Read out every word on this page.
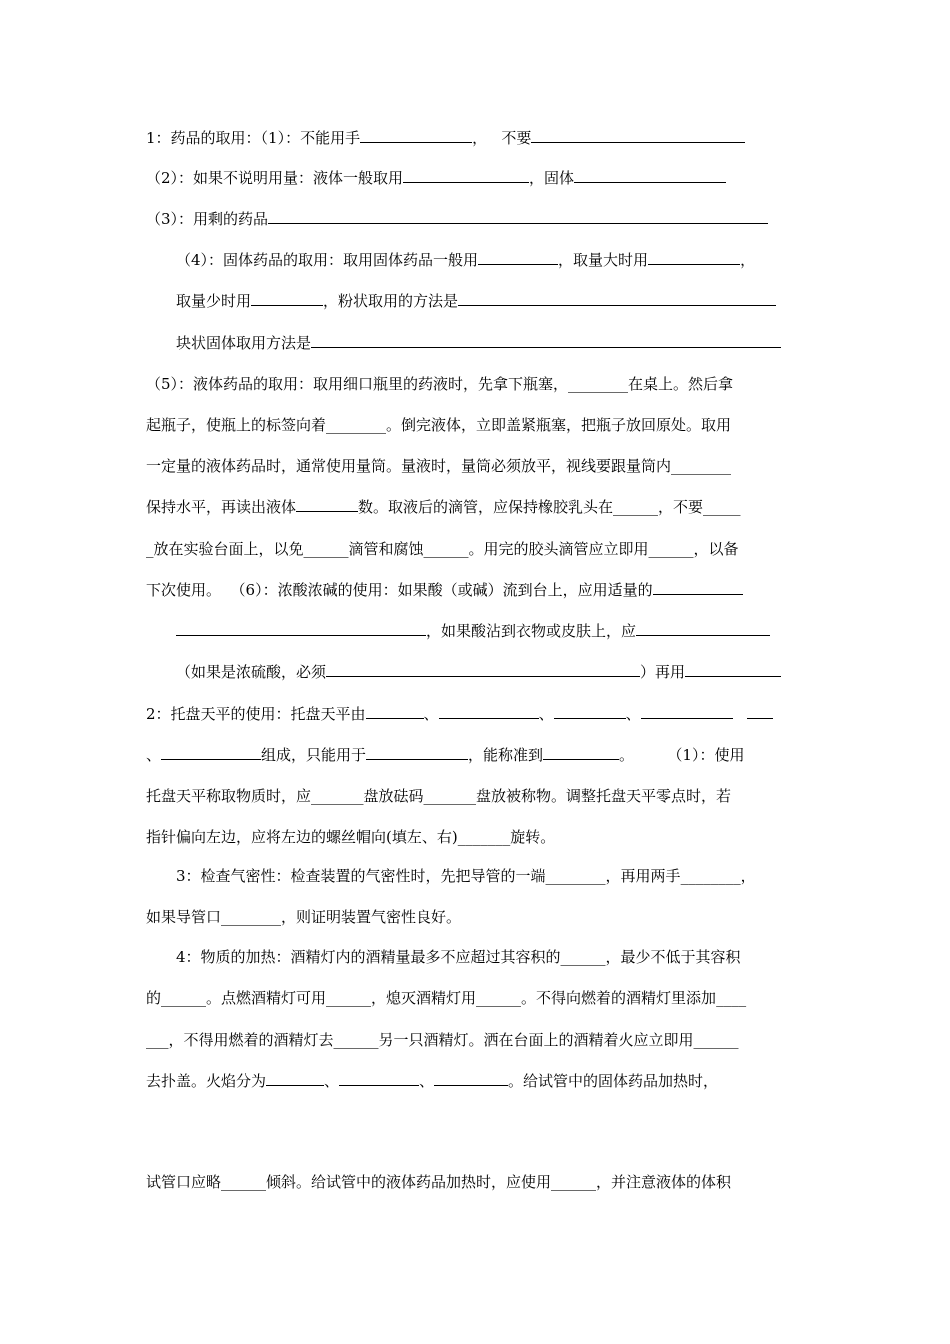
1：药品的取用：（1）：不能用手	，   不要
（2）：如果不说明用量：液体一般取用	，固体
（3）：用剩的药品
（4）：固体药品的取用：取用固体药品一般用	，取量大时用	，
取量少时用	，粉状取用的方法是
块状固体取用方法是
（5）：液体药品的取用：取用细口瓶里的药液时，先拿下瓶塞，________在桌上。然后拿
起瓶子，使瓶上的标签向着________。倒完液体，立即盖紧瓶塞，把瓶子放回原处。取用
一定量的液体药品时，通常使用量筒。量液时，量筒必须放平，视线要跟量筒内________
保持水平，再读出液体	数。取液后的滴管，应保持橡胶乳头在______，不要_____
_放在实验台面上，以免______滴管和腐蚀______。用完的胶头滴管应立即用______，以备
下次使用。  （6）：浓酸浓碱的使用：如果酸（或碱）流到台上，应用适量的
，如果酸沾到衣物或皮肤上，应
（如果是浓硫酸，必须	）再用
2：托盘天平的使用：托盘天平由	、	、	、
、	组成，只能用于	，能称准到	。       （1）：使用
托盘天平称取物质时，应_______盘放砝码_______盘放被称物。调整托盘天平零点时，若
指针偏向左边，应将左边的螺丝帽向(填左、右)_______旋转。
3：检查气密性：检查装置的气密性时，先把导管的一端________，再用两手________，
如果导管口________，则证明装置气密性良好。
4：物质的加热：酒精灯内的酒精量最多不应超过其容积的______，最少不低于其容积
的______。点燃酒精灯可用______，熄灭酒精灯用______。不得向燃着的酒精灯里添加____
___，不得用燃着的酒精灯去______另一只酒精灯。洒在台面上的酒精着火应立即用______
去扑盖。火焰分为	、	、	。给试管中的固体药品加热时，
试管口应略______倾斜。给试管中的液体药品加热时，应使用______，并注意液体的体积
